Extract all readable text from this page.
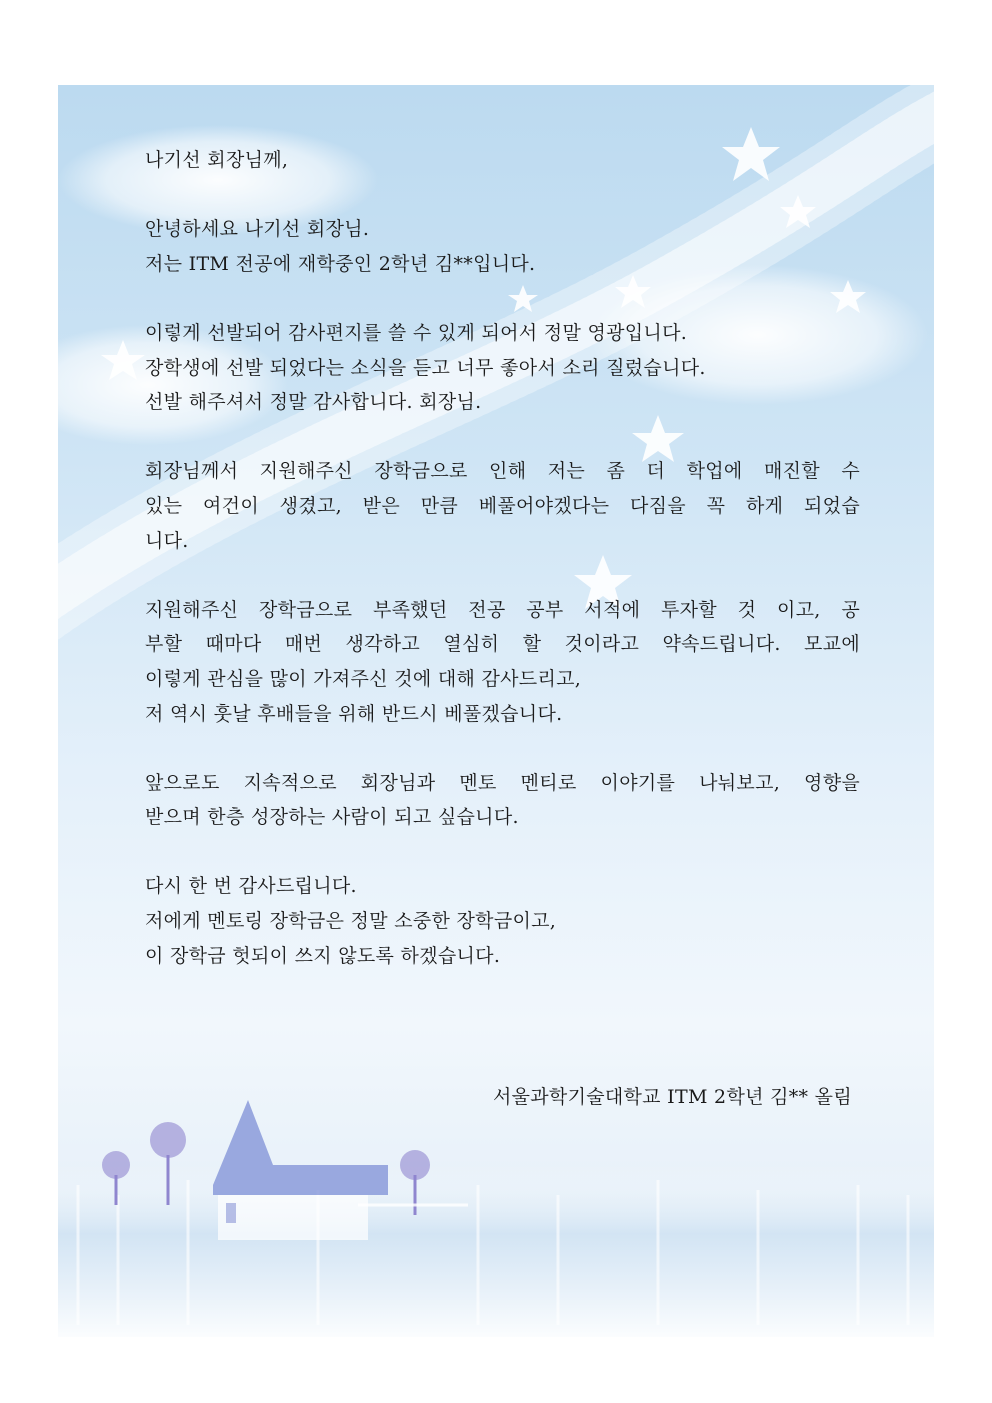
나기선 회장님께,
안녕하세요 나기선 회장님.
저는 ITM 전공에 재학중인 2학년 김**입니다.
이렇게 선발되어 감사편지를 쓸 수 있게 되어서 정말 영광입니다.
장학생에 선발 되었다는 소식을 듣고 너무 좋아서 소리 질렀습니다.
선발 해주셔서 정말 감사합니다. 회장님.
회장님께서 지원해주신 장학금으로 인해 저는 좀 더 학업에 매진할 수
있는 여건이 생겼고, 받은 만큼 베풀어야겠다는 다짐을 꼭 하게 되었습
니다.
지원해주신 장학금으로 부족했던 전공 공부 서적에 투자할 것 이고, 공
부할 때마다 매번 생각하고 열심히 할 것이라고 약속드립니다. 모교에
이렇게 관심을 많이 가져주신 것에 대해 감사드리고,
저 역시 훗날 후배들을 위해 반드시 베풀겠습니다.
앞으로도 지속적으로 회장님과 멘토 멘티로 이야기를 나눠보고, 영향을
받으며 한층 성장하는 사람이 되고 싶습니다.
다시 한 번 감사드립니다.
저에게 멘토링 장학금은 정말 소중한 장학금이고,
이 장학금 헛되이 쓰지 않도록 하겠습니다.
서울과학기술대학교 ITM 2학년 김** 올림
